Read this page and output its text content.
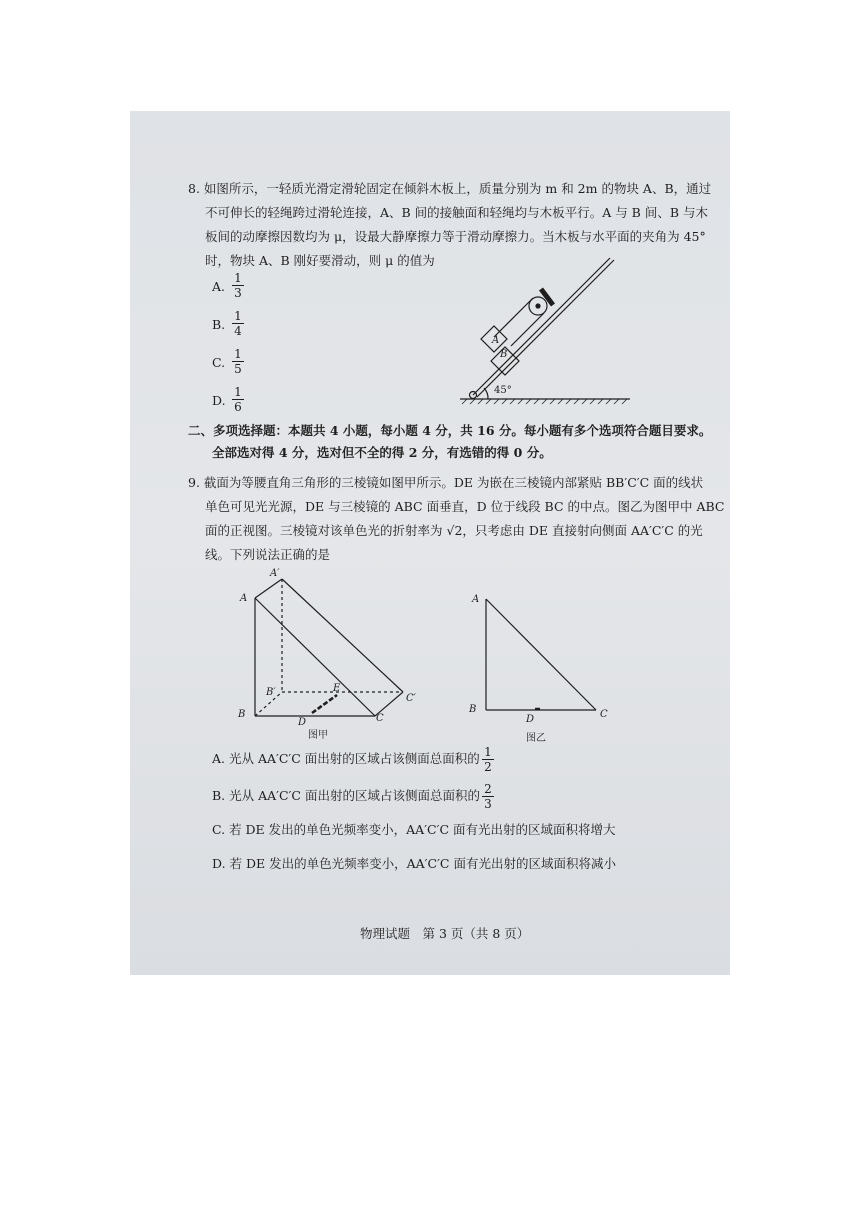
8. 如图所示，一轻质光滑定滑轮固定在倾斜木板上，质量分别为 m 和 2m 的物块 A、B，通过
不可伸长的轻绳跨过滑轮连接，A、B 间的接触面和轻绳均与木板平行。A 与 B 间、B 与木
板间的动摩擦因数均为 μ，设最大静摩擦力等于滑动摩擦力。当木板与水平面的夹角为 45°
时，物块 A、B 刚好要滑动，则 μ 的值为
A. $\frac{1}{3}$
B. $\frac{1}{4}$
C. $\frac{1}{5}$
D. $\frac{1}{6}$
A
B
45°
二、多项选择题：本题共 4 小题，每小题 4 分，共 16 分。每小题有多个选项符合题目要求。
全部选对得 4 分，选对但不全的得 2 分，有选错的得 0 分。
9. 截面为等腰直角三角形的三棱镜如图甲所示。DE 为嵌在三棱镜内部紧贴 BB′C′C 面的线状
单色可见光光源，DE 与三棱镜的 ABC 面垂直，D 位于线段 BC 的中点。图乙为图甲中 ABC
面的正视图。三棱镜对该单色光的折射率为 √2，只考虑由 DE 直接射向侧面 AA′C′C 的光
线。下列说法正确的是
A′
A
B′	E
C′
B
D	C
图甲
A
B
D	C
图乙
A. 光从 AA′C′C 面出射的区域占该侧面总面积的 $\frac{1}{2}$
B. 光从 AA′C′C 面出射的区域占该侧面总面积的 $\frac{2}{3}$
C. 若 DE 发出的单色光频率变小，AA′C′C 面有光出射的区域面积将增大
D. 若 DE 发出的单色光频率变小，AA′C′C 面有光出射的区域面积将减小
物理试题　第 3 页（共 8 页）
